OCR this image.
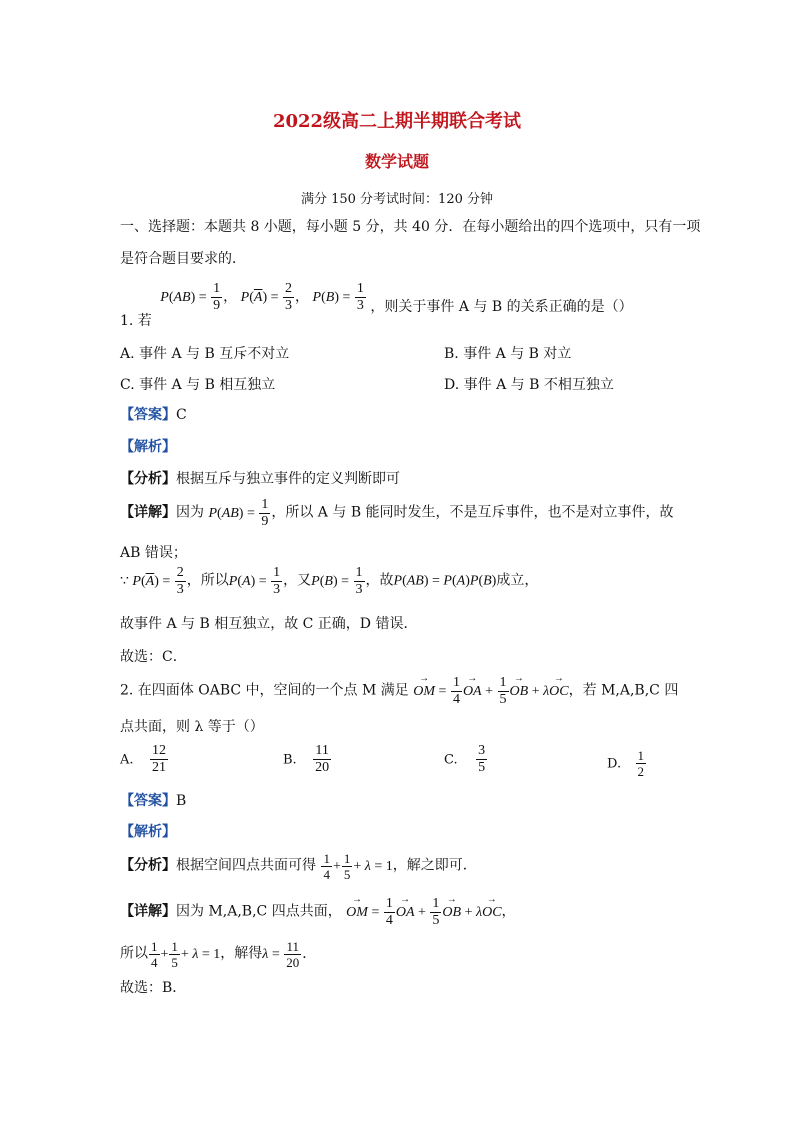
2022级高二上期半期联合考试
数学试题
满分 150 分考试时间：120 分钟
一、选择题：本题共 8 小题，每小题 5 分，共 40 分．在每小题给出的四个选项中，只有一项
是符合题目要求的．
1. 若 $P(AB) = \frac{1}{9}$ ， $P(\overline{A}) = \frac{2}{3}$ ， $P(B) = \frac{1}{3}$ ，则关于事件 A 与 B 的关系正确的是（）
A. 事件 A 与 B 互斥不对立	B. 事件 A 与 B 对立
C. 事件 A 与 B 相互独立	D. 事件 A 与 B 不相互独立
【答案】C
【解析】
【分析】根据互斥与独立事件的定义判断即可
【详解】因为 $P(AB) = \frac{1}{9}$ ，所以 A 与 B 能同时发生，不是互斥事件，也不是对立事件，故
AB 错误；
∵ $P(\overline{A}) = \frac{2}{3}$ ，所以$P(A) = \frac{1}{3}$ ，又$P(B) = \frac{1}{3}$ ，故P(AB) = P(A)P(B)成立，
故事件 A 与 B 相互独立，故 C 正确，D 错误．
故选：C．
2. 在四面体 OABC 中，空间的一个点 M 满足 → OM = $\frac{1}{4}$ → OA + $\frac{1}{5}$ → OB + λ→ OC，若 M,A,B,C 四
点共面，则 λ 等于（）
A. $\frac{12}{21}$	B. $\frac{11}{20}$	C. $\frac{3}{5}$	D. $\frac{1}{2}$
【答案】B
【解析】
【分析】根据空间四点共面可得 $\frac{1}{4} + \frac{1}{5} + \lambda = 1$，解之即可．
【详解】因为 M,A,B,C 四点共面， → OM = $\frac{1}{4}$ → OA + $\frac{1}{5}$ → OB + λ→ OC，
所以 $\frac{1}{4} + \frac{1}{5} + \lambda = 1$，解得$\lambda = \frac{11}{20}$ ．
故选：B．
